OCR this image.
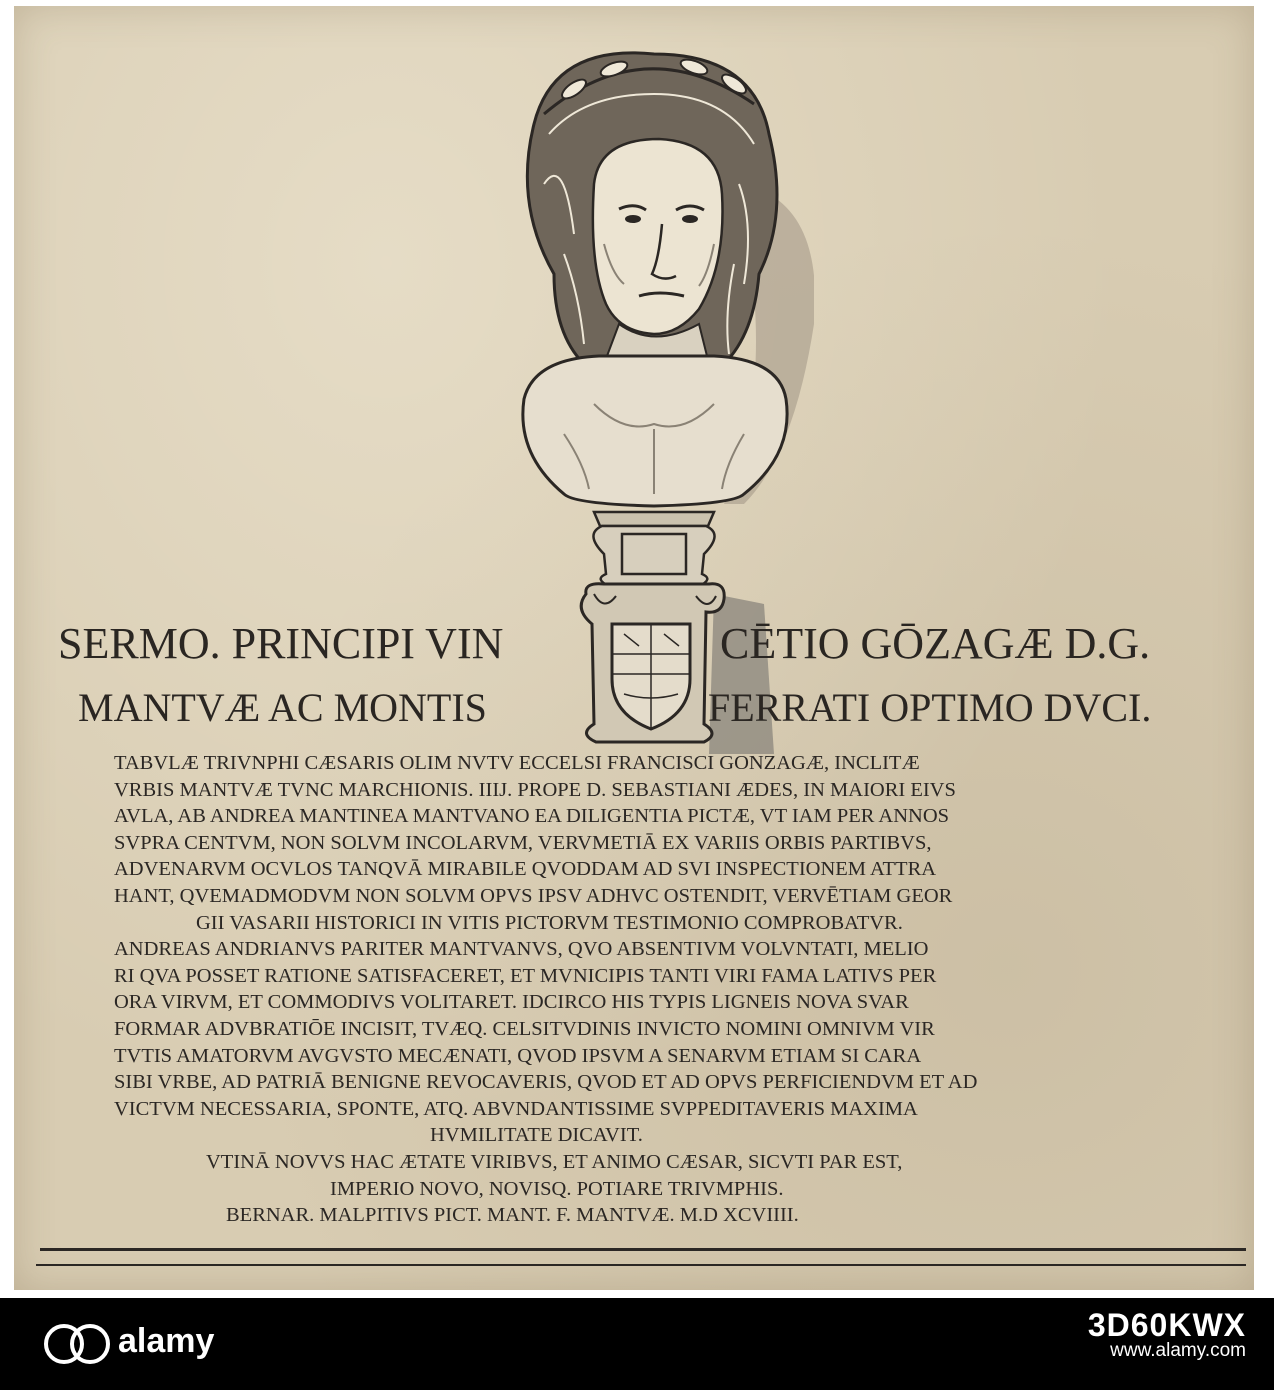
SERMO. PRINCIPI VIN	CĒTIO GŌZAGÆ D.G.
MANTVÆ AC MONTIS	FERRATI OPTIMO DVCI.
TABVLÆ TRIVNPHI CÆSARIS OLIM NVTV ECCELSI FRANCISCI GONZAGÆ, INCLITÆ
VRBIS MANTVÆ TVNC MARCHIONIS. IIIJ. PROPE D. SEBASTIANI ÆDES, IN MAIORI EIVS
AVLA, AB ANDREA MANTINEA MANTVANO EA DILIGENTIA PICTÆ, VT IAM PER ANNOS
SVPRA CENTVM, NON SOLVM INCOLARVM, VERVMETIĀ EX VARIIS ORBIS PARTIBVS,
ADVENARVM OCVLOS TANQVĀ MIRABILE QVODDAM AD SVI INSPECTIONEM ATTRA
HANT, QVEMADMODVM NON SOLVM OPVS IPSV ADHVC OSTENDIT, VERVĒTIAM GEOR
GII VASARII HISTORICI IN VITIS PICTORVM TESTIMONIO COMPROBATVR.
ANDREAS ANDRIANVS PARITER MANTVANVS, QVO ABSENTIVM VOLVNTATI, MELIO
RI QVA POSSET RATIONE SATISFACERET, ET MVNICIPIS TANTI VIRI FAMA LATIVS PER
ORA VIRVM, ET COMMODIVS VOLITARET. IDCIRCO HIS TYPIS LIGNEIS NOVA SVAR
FORMAR ADVBRATIŌE INCISIT, TVÆQ. CELSITVDINIS INVICTO NOMINI OMNIVM VIR
TVTIS AMATORVM AVGVSTO MECÆNATI, QVOD IPSVM A SENARVM ETIAM SI CARA
SIBI VRBE, AD PATRIĀ BENIGNE REVOCAVERIS, QVOD ET AD OPVS PERFICIENDVM ET AD
VICTVM NECESSARIA, SPONTE, ATQ. ABVNDANTISSIME SVPPEDITAVERIS MAXIMA
HVMILITATE DICAVIT.
VTINĀ NOVVS HAC ÆTATE VIRIBVS, ET ANIMO CÆSAR, SICVTI PAR EST,
IMPERIO NOVO, NOVISQ. POTIARE TRIVMPHIS.
BERNAR. MALPITIVS PICT. MANT. F. MANTVÆ. M.D XCVIIII.
alamy	3D60KWX
www.alamy.com
